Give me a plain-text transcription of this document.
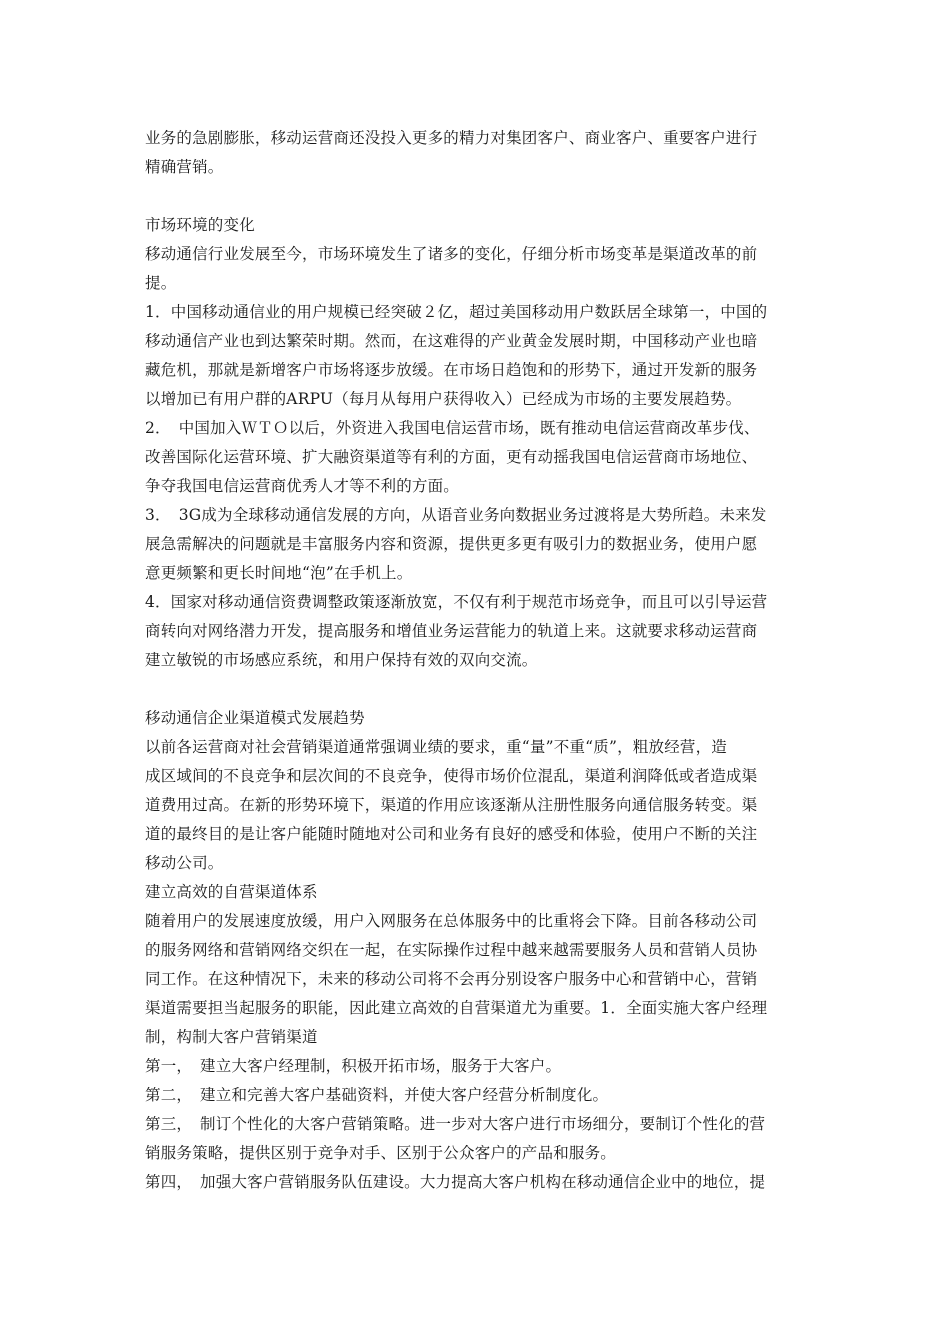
业务的急剧膨胀，移动运营商还没投入更多的精力对集团客户、商业客户、重要客户进行
精确营销。
市场环境的变化
移动通信行业发展至今，市场环境发生了诸多的变化，仔细分析市场变革是渠道改革的前
提。
1．中国移动通信业的用户规模已经突破２亿，超过美国移动用户数跃居全球第一，中国的
移动通信产业也到达繁荣时期。然而，在这难得的产业黄金发展时期，中国移动产业也暗
藏危机，那就是新增客户市场将逐步放缓。在市场日趋饱和的形势下，通过开发新的服务
以增加已有用户群的ARPU（每月从每用户获得收入）已经成为市场的主要发展趋势。
2．　中国加入ＷＴＯ以后，外资进入我国电信运营市场，既有推动电信运营商改革步伐、
改善国际化运营环境、扩大融资渠道等有利的方面，更有动摇我国电信运营商市场地位、
争夺我国电信运营商优秀人才等不利的方面。
3．　3G成为全球移动通信发展的方向，从语音业务向数据业务过渡将是大势所趋。未来发
展急需解决的问题就是丰富服务内容和资源，提供更多更有吸引力的数据业务，使用户愿
意更频繁和更长时间地“泡”在手机上。
4．国家对移动通信资费调整政策逐渐放宽，不仅有利于规范市场竞争，而且可以引导运营
商转向对网络潜力开发，提高服务和增值业务运营能力的轨道上来。这就要求移动运营商
建立敏锐的市场感应系统，和用户保持有效的双向交流。
移动通信企业渠道模式发展趋势
以前各运营商对社会营销渠道通常强调业绩的要求，重“量”不重“质”，粗放经营，造
成区域间的不良竞争和层次间的不良竞争，使得市场价位混乱，渠道利润降低或者造成渠
道费用过高。在新的形势环境下，渠道的作用应该逐渐从注册性服务向通信服务转变。渠
道的最终目的是让客户能随时随地对公司和业务有良好的感受和体验，使用户不断的关注
移动公司。
建立高效的自营渠道体系
随着用户的发展速度放缓，用户入网服务在总体服务中的比重将会下降。目前各移动公司
的服务网络和营销网络交织在一起，在实际操作过程中越来越需要服务人员和营销人员协
同工作。在这种情况下，未来的移动公司将不会再分别设客户服务中心和营销中心，营销
渠道需要担当起服务的职能，因此建立高效的自营渠道尤为重要。1．全面实施大客户经理
制，构制大客户营销渠道
第一，　建立大客户经理制，积极开拓市场，服务于大客户。
第二，　建立和完善大客户基础资料，并使大客户经营分析制度化。
第三，　制订个性化的大客户营销策略。进一步对大客户进行市场细分，要制订个性化的营
销服务策略，提供区别于竞争对手、区别于公众客户的产品和服务。
第四，　加强大客户营销服务队伍建设。大力提高大客户机构在移动通信企业中的地位，提
